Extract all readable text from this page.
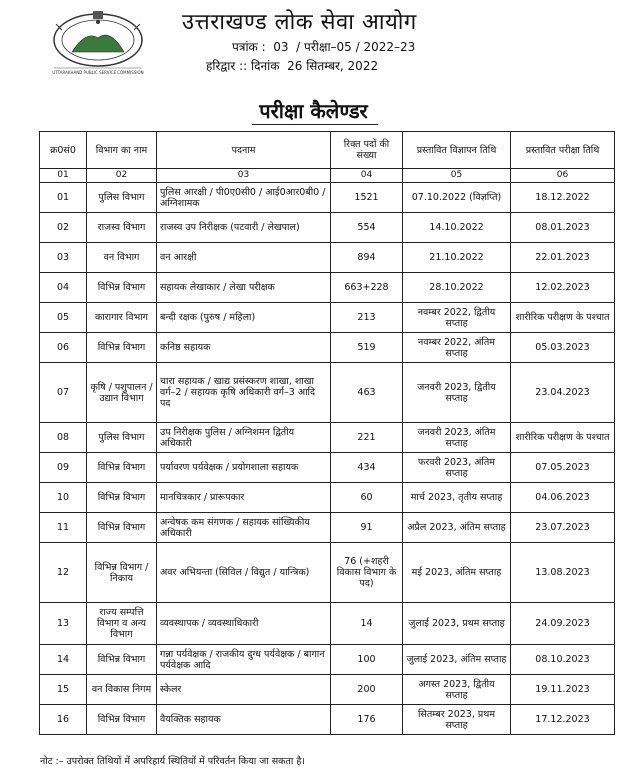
UTTARAKHAND PUBLIC SERVICE COMMISSION
उत्तराखण्ड लोक सेवा आयोग
पत्रांक :  03  / परीक्षा–05 / 2022–23
हरिद्वार :: दिनांक  26 सितम्बर, 2022
परीक्षा कैलेण्डर
क्र0सं0	विभाग का नाम	पदनाम	रिक्त पदों की संख्या	प्रस्तावित विज्ञापन तिथि	प्रस्तावित परीक्षा तिथि
01	02	03	04	05	06
01	पुलिस विभाग	पुलिस आरक्षी / पी0ए0सी0 / आई0आर0बी0 / अग्निशामक	1521	07.10.2022 (विज्ञप्ति)	18.12.2022
02	राजस्व विभाग	राजस्व उप निरीक्षक (पटवारी / लेखपाल)	554	14.10.2022	08.01.2023
03	वन विभाग	वन आरक्षी	894	21.10.2022	22.01.2023
04	विभिन्न विभाग	सहायक लेखाकार / लेखा परीक्षक	663+228	28.10.2022	12.02.2023
05	कारागार विभाग	बन्दी रक्षक (पुरुष / महिला)	213	नवम्बर 2022, द्वितीय सप्ताह	शारीरिक परीक्षण के पश्चात
06	विभिन्न विभाग	कनिष्ठ सहायक	519	नवम्बर 2022, अंतिम सप्ताह	05.03.2023
07	कृषि / पशुपालन / उद्यान विभाग	चारा सहायक / खाद्य प्रसंस्करण शाखा, शाखा वर्ग–2 / सहायक कृषि अधिकारी वर्ग–3 आदि पद	463	जनवरी 2023, द्वितीय सप्ताह	23.04.2023
08	पुलिस विभाग	उप निरीक्षक पुलिस / अग्निशमन द्वितीय अधिकारी	221	जनवरी 2023, अंतिम सप्ताह	शारीरिक परीक्षण के पश्चात
09	विभिन्न विभाग	पर्यावरण पर्यवेक्षक / प्रयोगशाला सहायक	434	फरवरी 2023, अंतिम सप्ताह	07.05.2023
10	विभिन्न विभाग	मानचित्रकार / प्रारूपकार	60	मार्च 2023, तृतीय सप्ताह	04.06.2023
11	विभिन्न विभाग	अन्वेषक कम संगणक / सहायक सांख्यिकीय अधिकारी	91	अप्रैल 2023, अंतिम सप्ताह	23.07.2023
12	विभिन्न विभाग / निकाय	अवर अभियन्ता (सिविल / विद्युत / यान्त्रिक)	76 (+शहरी विकास विभाग के पद)	मई 2023, अंतिम सप्ताह	13.08.2023
13	राज्य सम्पत्ति विभाग व अन्य विभाग	व्यवस्थापक / व्यवस्थाधिकारी	14	जुलाई 2023, प्रथम सप्ताह	24.09.2023
14	विभिन्न विभाग	गन्ना पर्यवेक्षक / राजकीय दुग्ध पर्यवेक्षक / बागान पर्यवेक्षक आदि	100	जुलाई 2023, अंतिम सप्ताह	08.10.2023
15	वन विकास निगम	स्केलर	200	अगस्त 2023, द्वितीय सप्ताह	19.11.2023
16	विभिन्न विभाग	वैयक्तिक सहायक	176	सितम्बर 2023, प्रथम सप्ताह	17.12.2023
नोट :– उपरोक्त तिथियों में अपरिहार्य स्थितियों में परिवर्तन किया जा सकता है।
